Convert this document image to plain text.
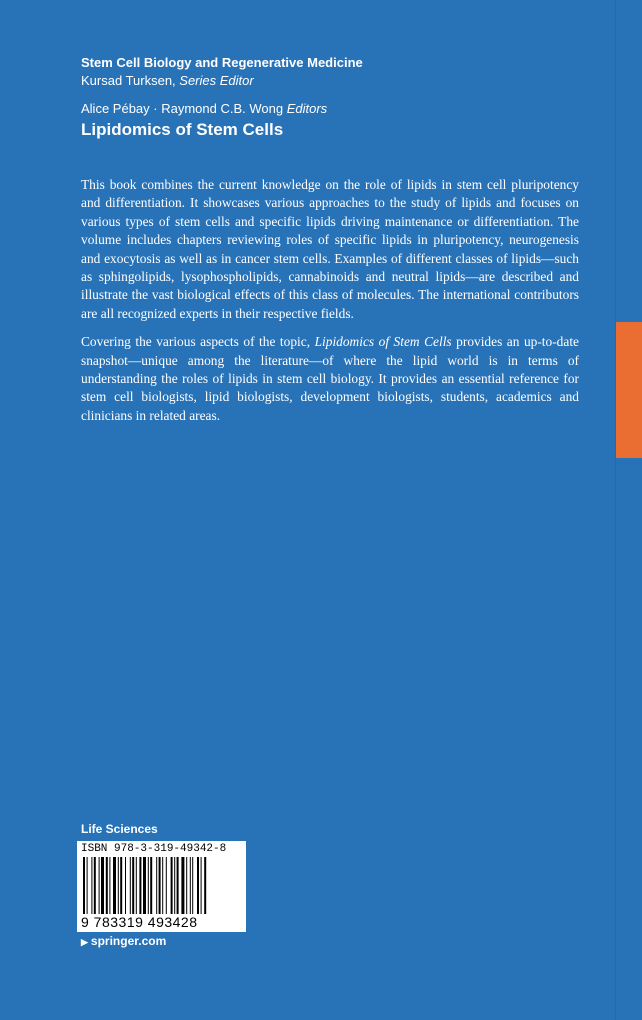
Stem Cell Biology and Regenerative Medicine
Kursad Turksen, Series Editor
Alice Pébay · Raymond C.B. Wong Editors
Lipidomics of Stem Cells

This book combines the current knowledge on the role of lipids in stem cell pluripotency and differentiation. It showcases various approaches to the study of lipids and focuses on various types of stem cells and specific lipids driving maintenance or differentiation. The volume includes chapters reviewing roles of specific lipids in pluripotency, neurogenesis and exocytosis as well as in cancer stem cells. Examples of different classes of lipids—such as sphingolipids, lysophospholipids, cannabinoids and neutral lipids—are described and illustrate the vast biological effects of this class of molecules. The international contributors are all recognized experts in their respective fields.

Covering the various aspects of the topic, Lipidomics of Stem Cells provides an up-to-date snapshot—unique among the literature—of where the lipid world is in terms of understanding the roles of lipids in stem cell biology. It provides an essential reference for stem cell biologists, lipid biologists, development biologists, students, academics and clinicians in related areas.

Life Sciences
ISBN 978-3-319-49342-8
9 783319 493428
▶ springer.com
